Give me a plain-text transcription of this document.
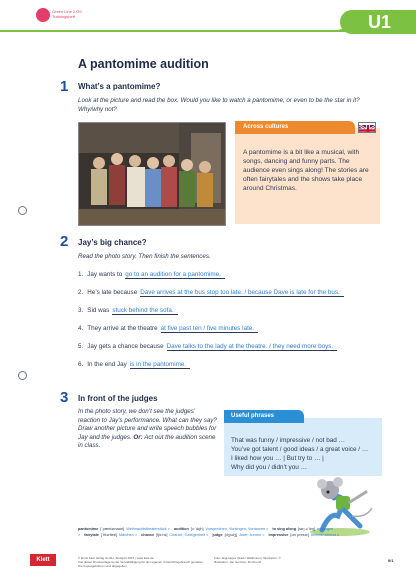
Green Line 2 G9 Trainingsheft	U1
A pantomime audition
1 What’s a pantomime?
Look at the picture and read the box. Would you like to watch a pantomime, or even to be the star in it? Why/why not?
Across cultures
A pantomime is a bit like a musical, with songs, dancing and funny parts. The audience even sings along! The stories are often fairytales and the shows take place around Christmas.
2 Jay’s big chance?
Read the photo story. Then finish the sentences.
1. Jay wants to go to an audition for a pantomime.
2. He’s late because Dave arrives at the bus stop too late. / because Dave is late for the bus.
3. Sid was stuck behind the sofa.
4. They arrive at the theatre at five past ten / five minutes late.
5. Jay gets a chance because Dave talks to the lady at the theatre. / they need more boys.
6. In the end Jay is in the pantomime.
3 In front of the judges
In the photo story, we don’t see the judges’ reaction to Jay’s performance. What can they say? Draw another picture and write speech bubbles for Jay and the judges. Or: Act out the audition scene in class.
Useful phrases
That was funny / impressive / not bad …
You’ve got talent / good ideas / a great voice / …
I liked how you … | But try to … |
Why did you / didn’t you …
pantomime [ˈpæntəmaɪm] Weihnachtstheaterstück ○ audition [ɔːˈdɪʃn] Vorsprechen, Vorsingen, Vortanzen ○ to sing along [sɪŋ əˈlɒŋ] mitsingen ○ fairytale [ˈfeəriteɪl] Märchen ○ chance [tʃɑːns] Chance, Gelegenheit ○ judge [dʒʌdʒ] Jurer, Jurorin ○ impressive [ɪmˈpresɪv] beeindruckend ○
Klett	© Ernst Klett Verlag GmbH, Stuttgart 2015 | www.klett.de
Von dieser Druckvorlage ist die Vervielfältigung für den eigenen Unterrichtsgebrauch gestattet. Die Kopiergebühren sind abgegolten.
Foto: akgimages (Gavin Watkinson); Illustration: ©
Illustration: Jan Gentzen, Dortmund	9/1
